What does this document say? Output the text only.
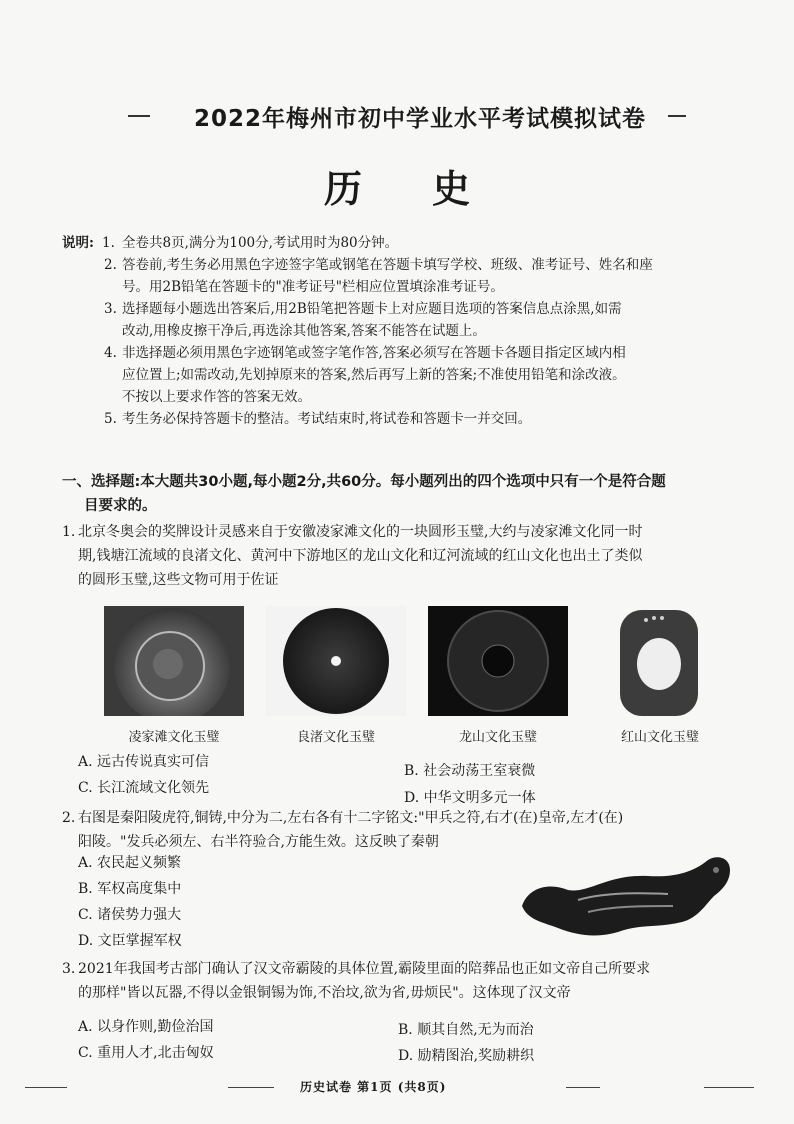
2022年梅州市初中学业水平考试模拟试卷
历史
说明: 1. 全卷共8页,满分为100分,考试用时为80分钟。
2. 答卷前,考生务必用黑色字迹签字笔或钢笔在答题卡填写学校、班级、准考证号、姓名和座
号。用2B铅笔在答题卡的"准考证号"栏相应位置填涂准考证号。
3. 选择题每小题选出答案后,用2B铅笔把答题卡上对应题目选项的答案信息点涂黑,如需
改动,用橡皮擦干净后,再选涂其他答案,答案不能答在试题上。
4. 非选择题必须用黑色字迹钢笔或签字笔作答,答案必须写在答题卡各题目指定区域内相
应位置上;如需改动,先划掉原来的答案,然后再写上新的答案;不准使用铅笔和涂改液。
不按以上要求作答的答案无效。
5. 考生务必保持答题卡的整洁。考试结束时,将试卷和答题卡一并交回。
一、选择题:本大题共30小题,每小题2分,共60分。每小题列出的四个选项中只有一个是符合题
目要求的。
1. 北京冬奥会的奖牌设计灵感来自于安徽凌家滩文化的一块圆形玉璧,大约与凌家滩文化同一时
期,钱塘江流域的良渚文化、黄河中下游地区的龙山文化和辽河流域的红山文化也出土了类似
的圆形玉璧,这些文物可用于佐证
凌家滩文化玉璧	良渚文化玉璧	龙山文化玉璧	红山文化玉璧
A. 远古传说真实可信
B. 社会动荡王室衰微
C. 长江流域文化领先
D. 中华文明多元一体
2. 右图是秦阳陵虎符,铜铸,中分为二,左右各有十二字铭文:"甲兵之符,右才(在)皇帝,左才(在)
阳陵。"发兵必须左、右半符验合,方能生效。这反映了秦朝
A. 农民起义频繁
B. 军权高度集中
C. 诸侯势力强大
D. 文臣掌握军权
3. 2021年我国考古部门确认了汉文帝霸陵的具体位置,霸陵里面的陪葬品也正如文帝自己所要求
的那样"皆以瓦器,不得以金银铜锡为饰,不治坟,欲为省,毋烦民"。这体现了汉文帝
A. 以身作则,勤俭治国	B. 顺其自然,无为而治
C. 重用人才,北击匈奴	D. 励精图治,奖励耕织
历史试卷 第1页 (共8页)
